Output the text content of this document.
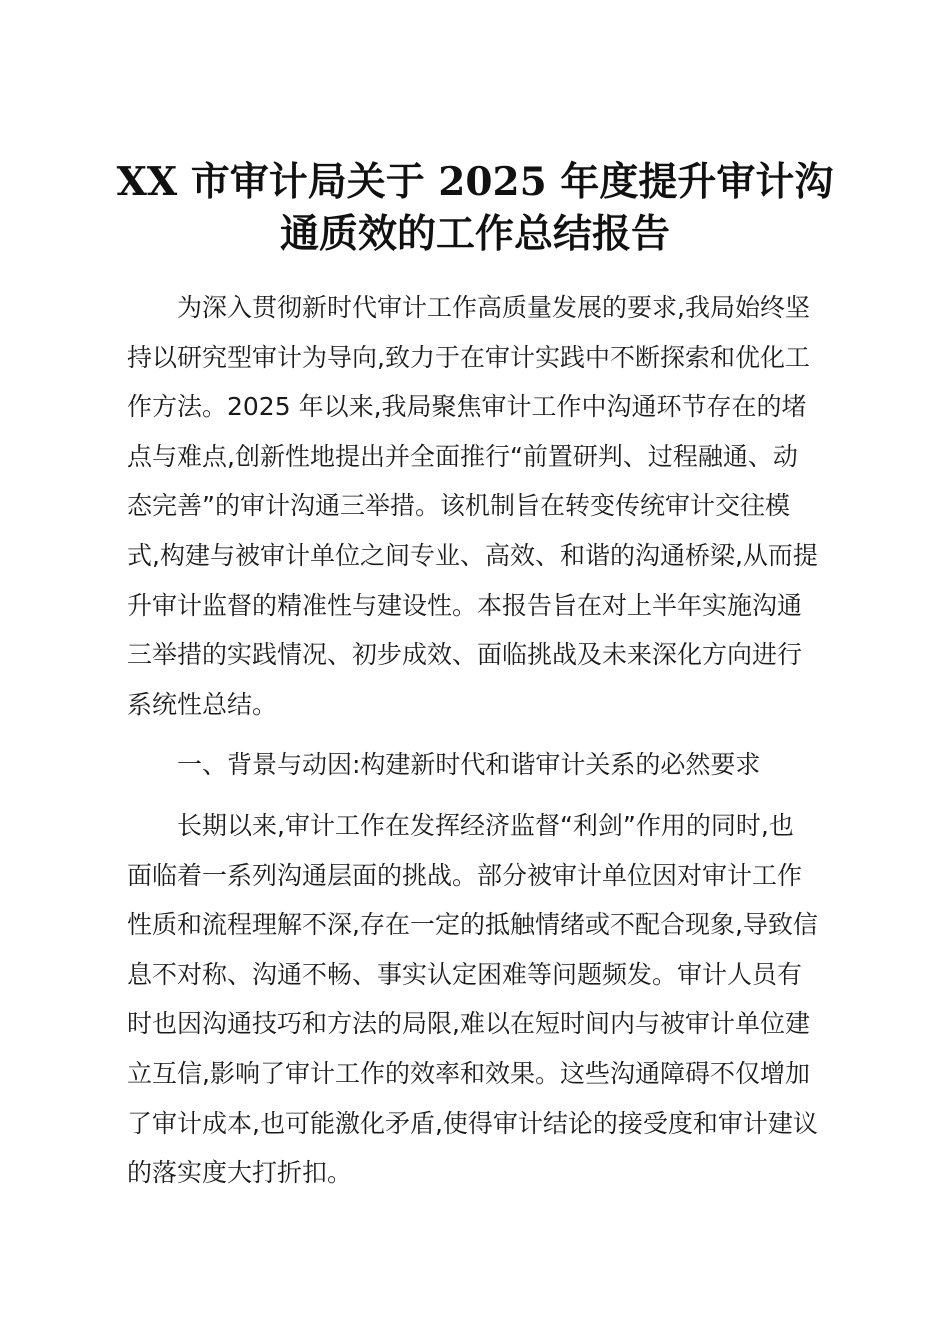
XX 市审计局关于 2025 年度提升审计沟
通质效的工作总结报告

为深入贯彻新时代审计工作高质量发展的要求,我局始终坚
持以研究型审计为导向,致力于在审计实践中不断探索和优化工
作方法。2025 年以来,我局聚焦审计工作中沟通环节存在的堵
点与难点,创新性地提出并全面推行“前置研判、过程融通、动
态完善”的审计沟通三举措。该机制旨在转变传统审计交往模
式,构建与被审计单位之间专业、高效、和谐的沟通桥梁,从而提
升审计监督的精准性与建设性。本报告旨在对上半年实施沟通
三举措的实践情况、初步成效、面临挑战及未来深化方向进行
系统性总结。

一、背景与动因:构建新时代和谐审计关系的必然要求

长期以来,审计工作在发挥经济监督“利剑”作用的同时,也
面临着一系列沟通层面的挑战。部分被审计单位因对审计工作
性质和流程理解不深,存在一定的抵触情绪或不配合现象,导致信
息不对称、沟通不畅、事实认定困难等问题频发。审计人员有
时也因沟通技巧和方法的局限,难以在短时间内与被审计单位建
立互信,影响了审计工作的效率和效果。这些沟通障碍不仅增加
了审计成本,也可能激化矛盾,使得审计结论的接受度和审计建议
的落实度大打折扣。
